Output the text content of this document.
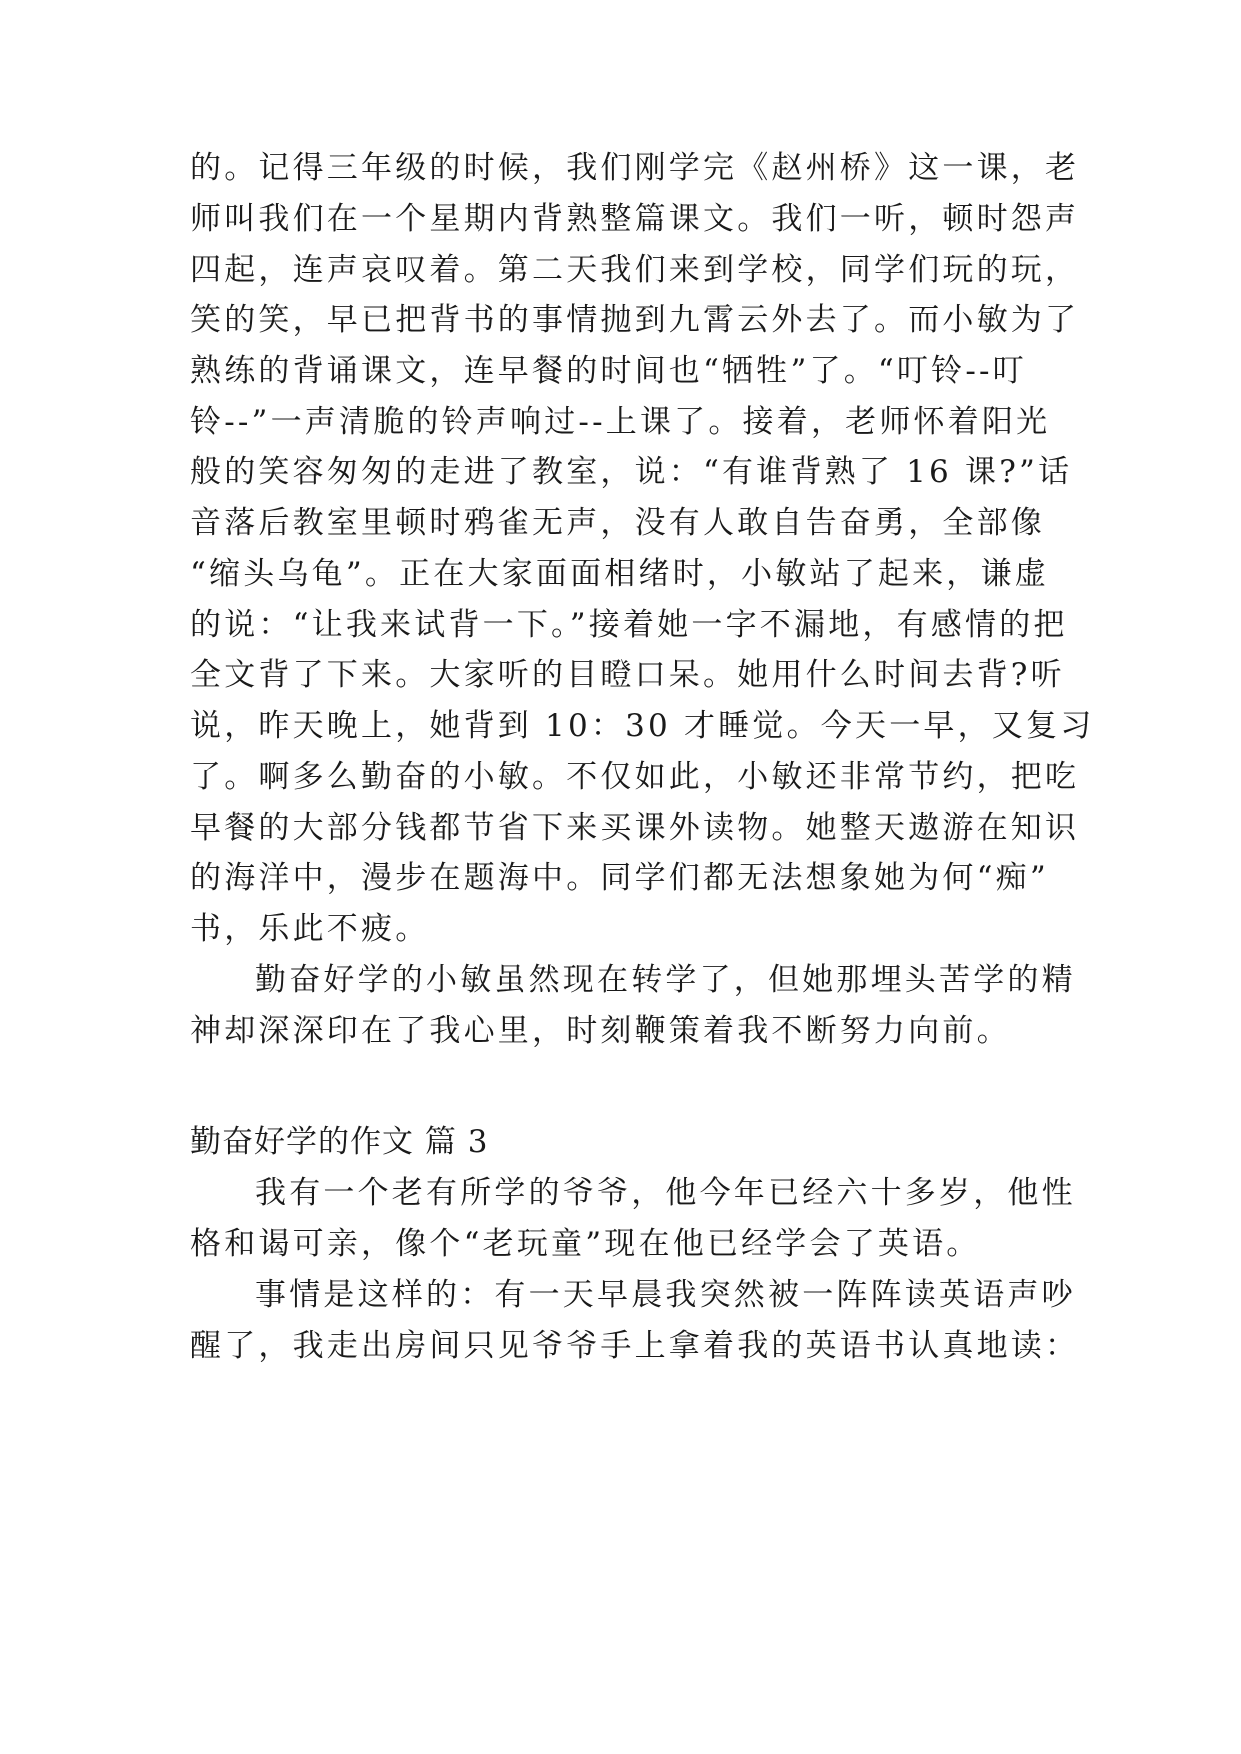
的。记得三年级的时候，我们刚学完《赵州桥》这一课，老
师叫我们在一个星期内背熟整篇课文。我们一听，顿时怨声
四起，连声哀叹着。第二天我们来到学校，同学们玩的玩，
笑的笑，早已把背书的事情抛到九霄云外去了。而小敏为了
熟练的背诵课文，连早餐的时间也“牺牲”了。“叮铃--叮
铃--”一声清脆的铃声响过--上课了。接着，老师怀着阳光
般的笑容匆匆的走进了教室，说：“有谁背熟了 16 课?”话
音落后教室里顿时鸦雀无声，没有人敢自告奋勇，全部像
“缩头乌龟”。正在大家面面相绪时，小敏站了起来，谦虚
的说：“让我来试背一下。”接着她一字不漏地，有感情的把
全文背了下来。大家听的目瞪口呆。她用什么时间去背?听
说，昨天晚上，她背到 10：30 才睡觉。今天一早，又复习
了。啊多么勤奋的小敏。不仅如此，小敏还非常节约，把吃
早餐的大部分钱都节省下来买课外读物。她整天遨游在知识
的海洋中，漫步在题海中。同学们都无法想象她为何“痴”
书，乐此不疲。
勤奋好学的小敏虽然现在转学了，但她那埋头苦学的精
神却深深印在了我心里，时刻鞭策着我不断努力向前。
勤奋好学的作文 篇 3
我有一个老有所学的爷爷，他今年已经六十多岁，他性
格和谒可亲，像个“老玩童”现在他已经学会了英语。
事情是这样的：有一天早晨我突然被一阵阵读英语声吵
醒了，我走出房间只见爷爷手上拿着我的英语书认真地读：
